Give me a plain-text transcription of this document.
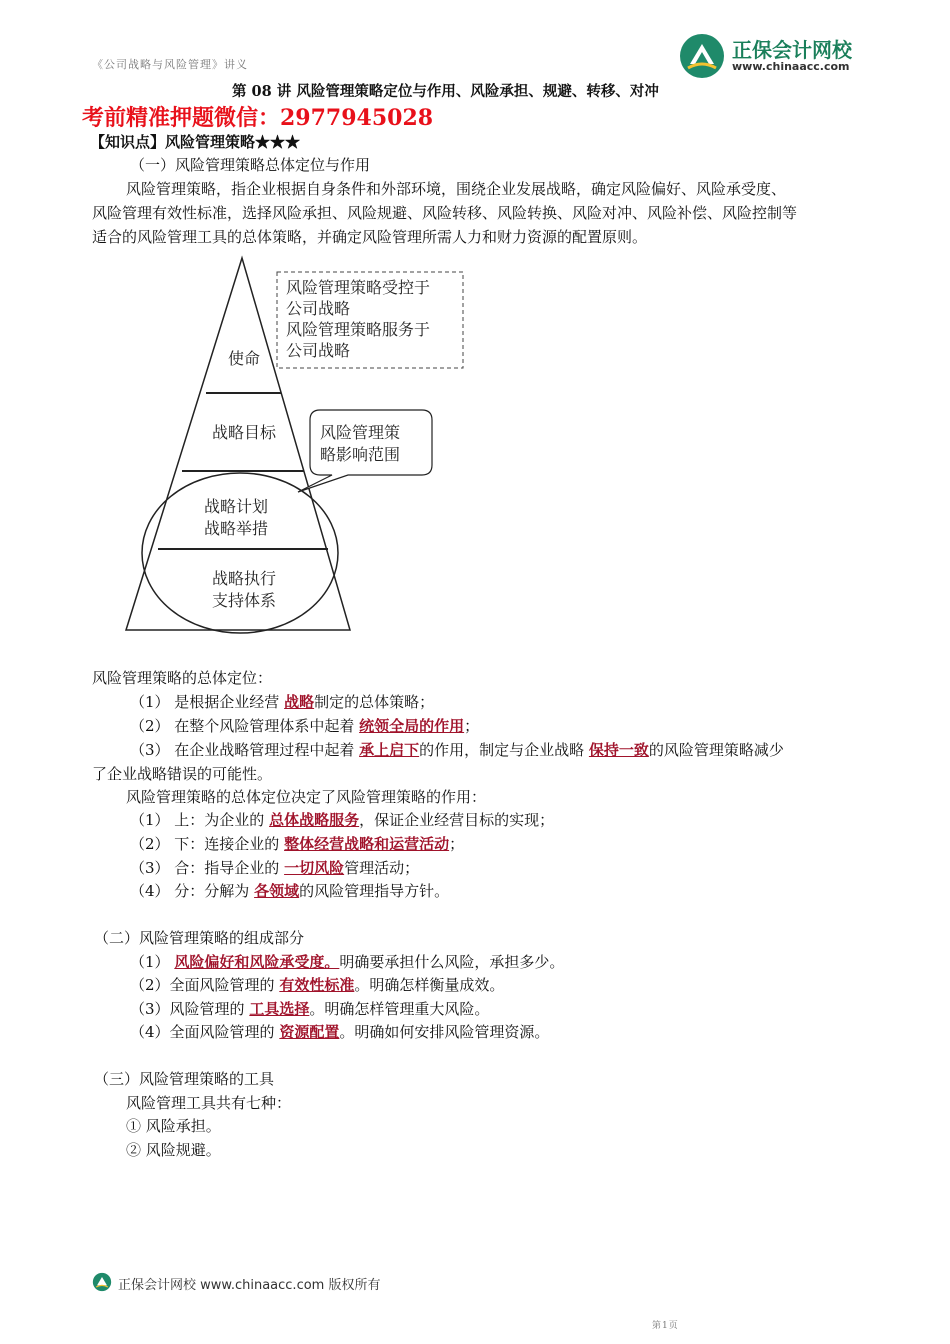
《公司战略与风险管理》讲义
正保会计网校
www.chinaacc.com
第 08 讲 风险管理策略定位与作用、风险承担、规避、转移、对冲
考前精准押题微信：2977945028
【知识点】风险管理策略★★★
（一）风险管理策略总体定位与作用
风险管理策略，指企业根据自身条件和外部环境，围绕企业发展战略，确定风险偏好、风险承受度、
风险管理有效性标准，选择风险承担、风险规避、风险转移、风险转换、风险对冲、风险补偿、风险控制等
适合的风险管理工具的总体策略，并确定风险管理所需人力和财力资源的配置原则。
使命
战略目标
战略计划
战略举措
战略执行
支持体系
风险管理策略受控于
公司战略
风险管理策略服务于
公司战略
风险管理策
略影响范围
风险管理策略的总体定位：
（1） 是根据企业经营 战略制定的总体策略；
（2） 在整个风险管理体系中起着 统领全局的作用；
（3） 在企业战略管理过程中起着 承上启下的作用，制定与企业战略 保持一致的风险管理策略减少
了企业战略错误的可能性。
风险管理策略的总体定位决定了风险管理策略的作用：
（1） 上：为企业的 总体战略服务，保证企业经营目标的实现；
（2） 下：连接企业的 整体经营战略和运营活动；
（3） 合：指导企业的 一切风险管理活动；
（4） 分：分解为 各领域的风险管理指导方针。
（二）风险管理策略的组成部分
（1） 风险偏好和风险承受度。明确要承担什么风险，承担多少。
（2）全面风险管理的 有效性标准。明确怎样衡量成效。
（3）风险管理的 工具选择。明确怎样管理重大风险。
（4）全面风险管理的 资源配置。明确如何安排风险管理资源。
（三）风险管理策略的工具
风险管理工具共有七种：
① 风险承担。
② 风险规避。
正保会计网校 www.chinaacc.com 版权所有
第1页
